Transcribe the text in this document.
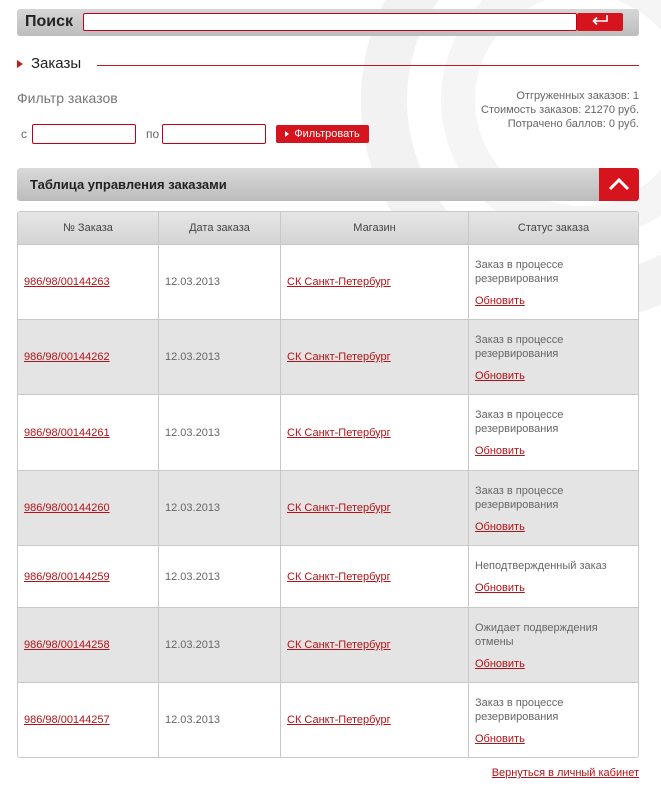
Поиск
Заказы
Фильтр заказов	Отгруженных заказов: 1
Стоимость заказов: 21270 руб.
Потрачено баллов: 0 руб.
с	по	Фильтровать
Таблица управления заказами
№ Заказа	Дата заказа	Магазин	Статус заказа
986/98/00144263	12.03.2013	СК Санкт-Петербург	Заказ в процессе резервирования
Обновить

986/98/00144262	12.03.2013	СК Санкт-Петербург	Заказ в процессе резервирования
Обновить

986/98/00144261	12.03.2013	СК Санкт-Петербург	Заказ в процессе резервирования
Обновить

986/98/00144260	12.03.2013	СК Санкт-Петербург	Заказ в процессе резервирования
Обновить

986/98/00144259	12.03.2013	СК Санкт-Петербург	Неподтвержденный заказ
Обновить

986/98/00144258	12.03.2013	СК Санкт-Петербург	Ожидает подверждения отмены
Обновить

986/98/00144257	12.03.2013	СК Санкт-Петербург	Заказ в процессе резервирования
Обновить
Вернуться в личный кабинет
